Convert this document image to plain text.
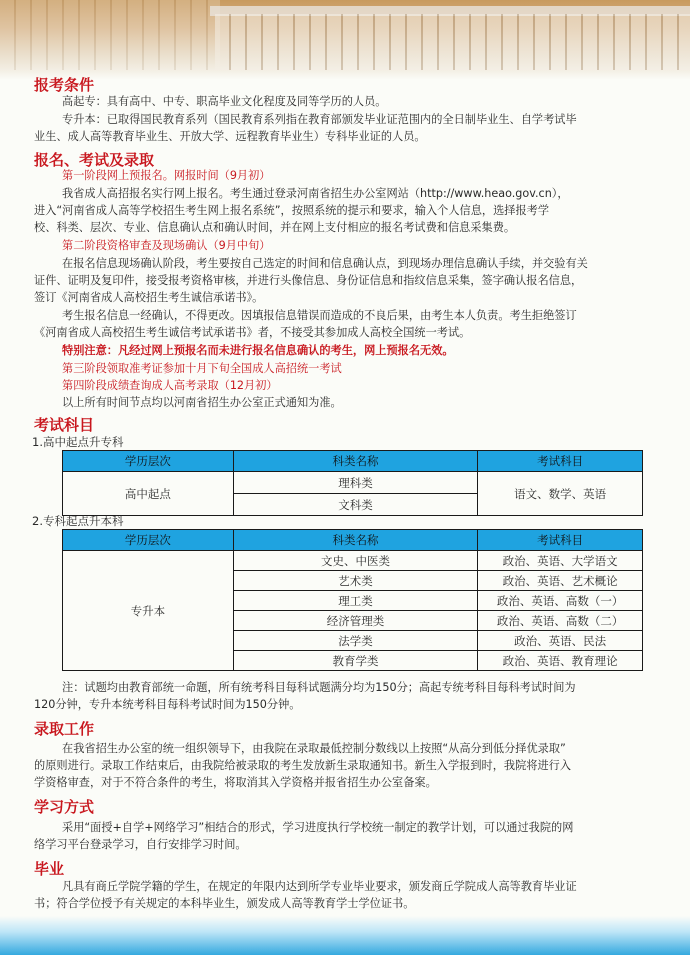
报考条件
高起专：具有高中、中专、职高毕业文化程度及同等学历的人员。
专升本：已取得国民教育系列（国民教育系列指在教育部颁发毕业证范围内的全日制毕业生、自学考试毕
业生、成人高等教育毕业生、开放大学、远程教育毕业生）专科毕业证的人员。
报名、考试及录取
第一阶段网上预报名。网报时间（9月初）
我省成人高招报名实行网上报名。考生通过登录河南省招生办公室网站（http://www.heao.gov.cn），
进入“河南省成人高等学校招生考生网上报名系统”，按照系统的提示和要求，输入个人信息，选择报考学
校、科类、层次、专业、信息确认点和确认时间，并在网上支付相应的报名考试费和信息采集费。
第二阶段资格审查及现场确认（9月中旬）
在报名信息现场确认阶段，考生要按自己选定的时间和信息确认点，到现场办理信息确认手续，并交验有关
证件、证明及复印件，接受报考资格审核，并进行头像信息、身份证信息和指纹信息采集，签字确认报名信息，
签订《河南省成人高校招生考生诚信承诺书》。
考生报名信息一经确认，不得更改。因填报信息错误而造成的不良后果，由考生本人负责。考生拒绝签订
《河南省成人高校招生考生诚信考试承诺书》者，不接受其参加成人高校全国统一考试。
特别注意：凡经过网上预报名而未进行报名信息确认的考生，网上预报名无效。
第三阶段领取准考证参加十月下旬全国成人高招统一考试
第四阶段成绩查询成人高考录取（12月初）
以上所有时间节点均以河南省招生办公室正式通知为准。
考试科目
1.高中起点升专科
学历层次	科类名称	考试科目
高中起点	理科类	语文、数学、英语
	文科类	
2.专科起点升本科
学历层次	科类名称	考试科目
专升本	文史、中医类	政治、英语、大学语文
	艺术类	政治、英语、艺术概论
	理工类	政治、英语、高数（一）
	经济管理类	政治、英语、高数（二）
	法学类	政治、英语、民法
	教育学类	政治、英语、教育理论
注：试题均由教育部统一命题，所有统考科目每科试题满分均为150分；高起专统考科目每科考试时间为
120分钟，专升本统考科目每科考试时间为150分钟。
录取工作
在我省招生办公室的统一组织领导下，由我院在录取最低控制分数线以上按照“从高分到低分择优录取”
的原则进行。录取工作结束后，由我院给被录取的考生发放新生录取通知书。新生入学报到时，我院将进行入
学资格审查，对于不符合条件的考生，将取消其入学资格并报省招生办公室备案。
学习方式
采用“面授+自学+网络学习”相结合的形式，学习进度执行学校统一制定的教学计划，可以通过我院的网
络学习平台登录学习，自行安排学习时间。
毕业
凡具有商丘学院学籍的学生，在规定的年限内达到所学专业毕业要求，颁发商丘学院成人高等教育毕业证
书；符合学位授予有关规定的本科毕业生，颁发成人高等教育学士学位证书。
